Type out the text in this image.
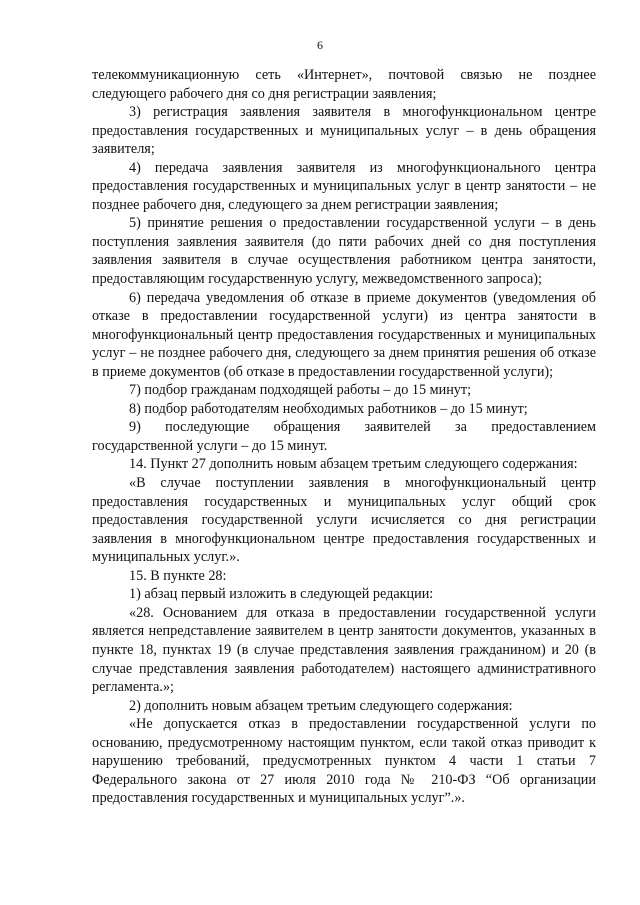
6

телекоммуникационную сеть «Интернет», почтовой связью не позднее следующего рабочего дня со дня регистрации заявления;

3) регистрация заявления заявителя в многофункциональном центре предоставления государственных и муниципальных услуг – в день обращения заявителя;

4) передача заявления заявителя из многофункционального центра предоставления государственных и муниципальных услуг в центр занятости – не позднее рабочего дня, следующего за днем регистрации заявления;

5) принятие решения о предоставлении государственной услуги – в день поступления заявления заявителя (до пяти рабочих дней со дня поступления заявления заявителя в случае осуществления работником центра занятости, предоставляющим государственную услугу, межведомственного запроса);

6) передача уведомления об отказе в приеме документов (уведомления об отказе в предоставлении государственной услуги) из центра занятости в многофункциональный центр предоставления государственных и муниципальных услуг – не позднее рабочего дня, следующего за днем принятия решения об отказе в приеме документов (об отказе в предоставлении государственной услуги);

7) подбор гражданам подходящей работы – до 15 минут;

8) подбор работодателям необходимых работников – до 15 минут;

9) последующие обращения заявителей за предоставлением государственной услуги – до 15 минут.

14. Пункт 27 дополнить новым абзацем третьим следующего содержания:

«В случае поступлении заявления в многофункциональный центр предоставления государственных и муниципальных услуг общий срок предоставления государственной услуги исчисляется со дня регистрации заявления в многофункциональном центре предоставления государственных и муниципальных услуг.».

15. В пункте 28:

1) абзац первый изложить в следующей редакции:

«28. Основанием для отказа в предоставлении государственной услуги является непредставление заявителем в центр занятости документов, указанных в пункте 18, пунктах 19 (в случае представления заявления гражданином) и 20 (в случае представления заявления работодателем) настоящего административного регламента.»;

2) дополнить новым абзацем третьим следующего содержания:

«Не допускается отказ в предоставлении государственной услуги по основанию, предусмотренному настоящим пунктом, если такой отказ приводит к нарушению требований, предусмотренных пунктом 4 части 1 статьи 7 Федерального закона от 27 июля 2010 года № 210-ФЗ “Об организации предоставления государственных и муниципальных услуг”.».
